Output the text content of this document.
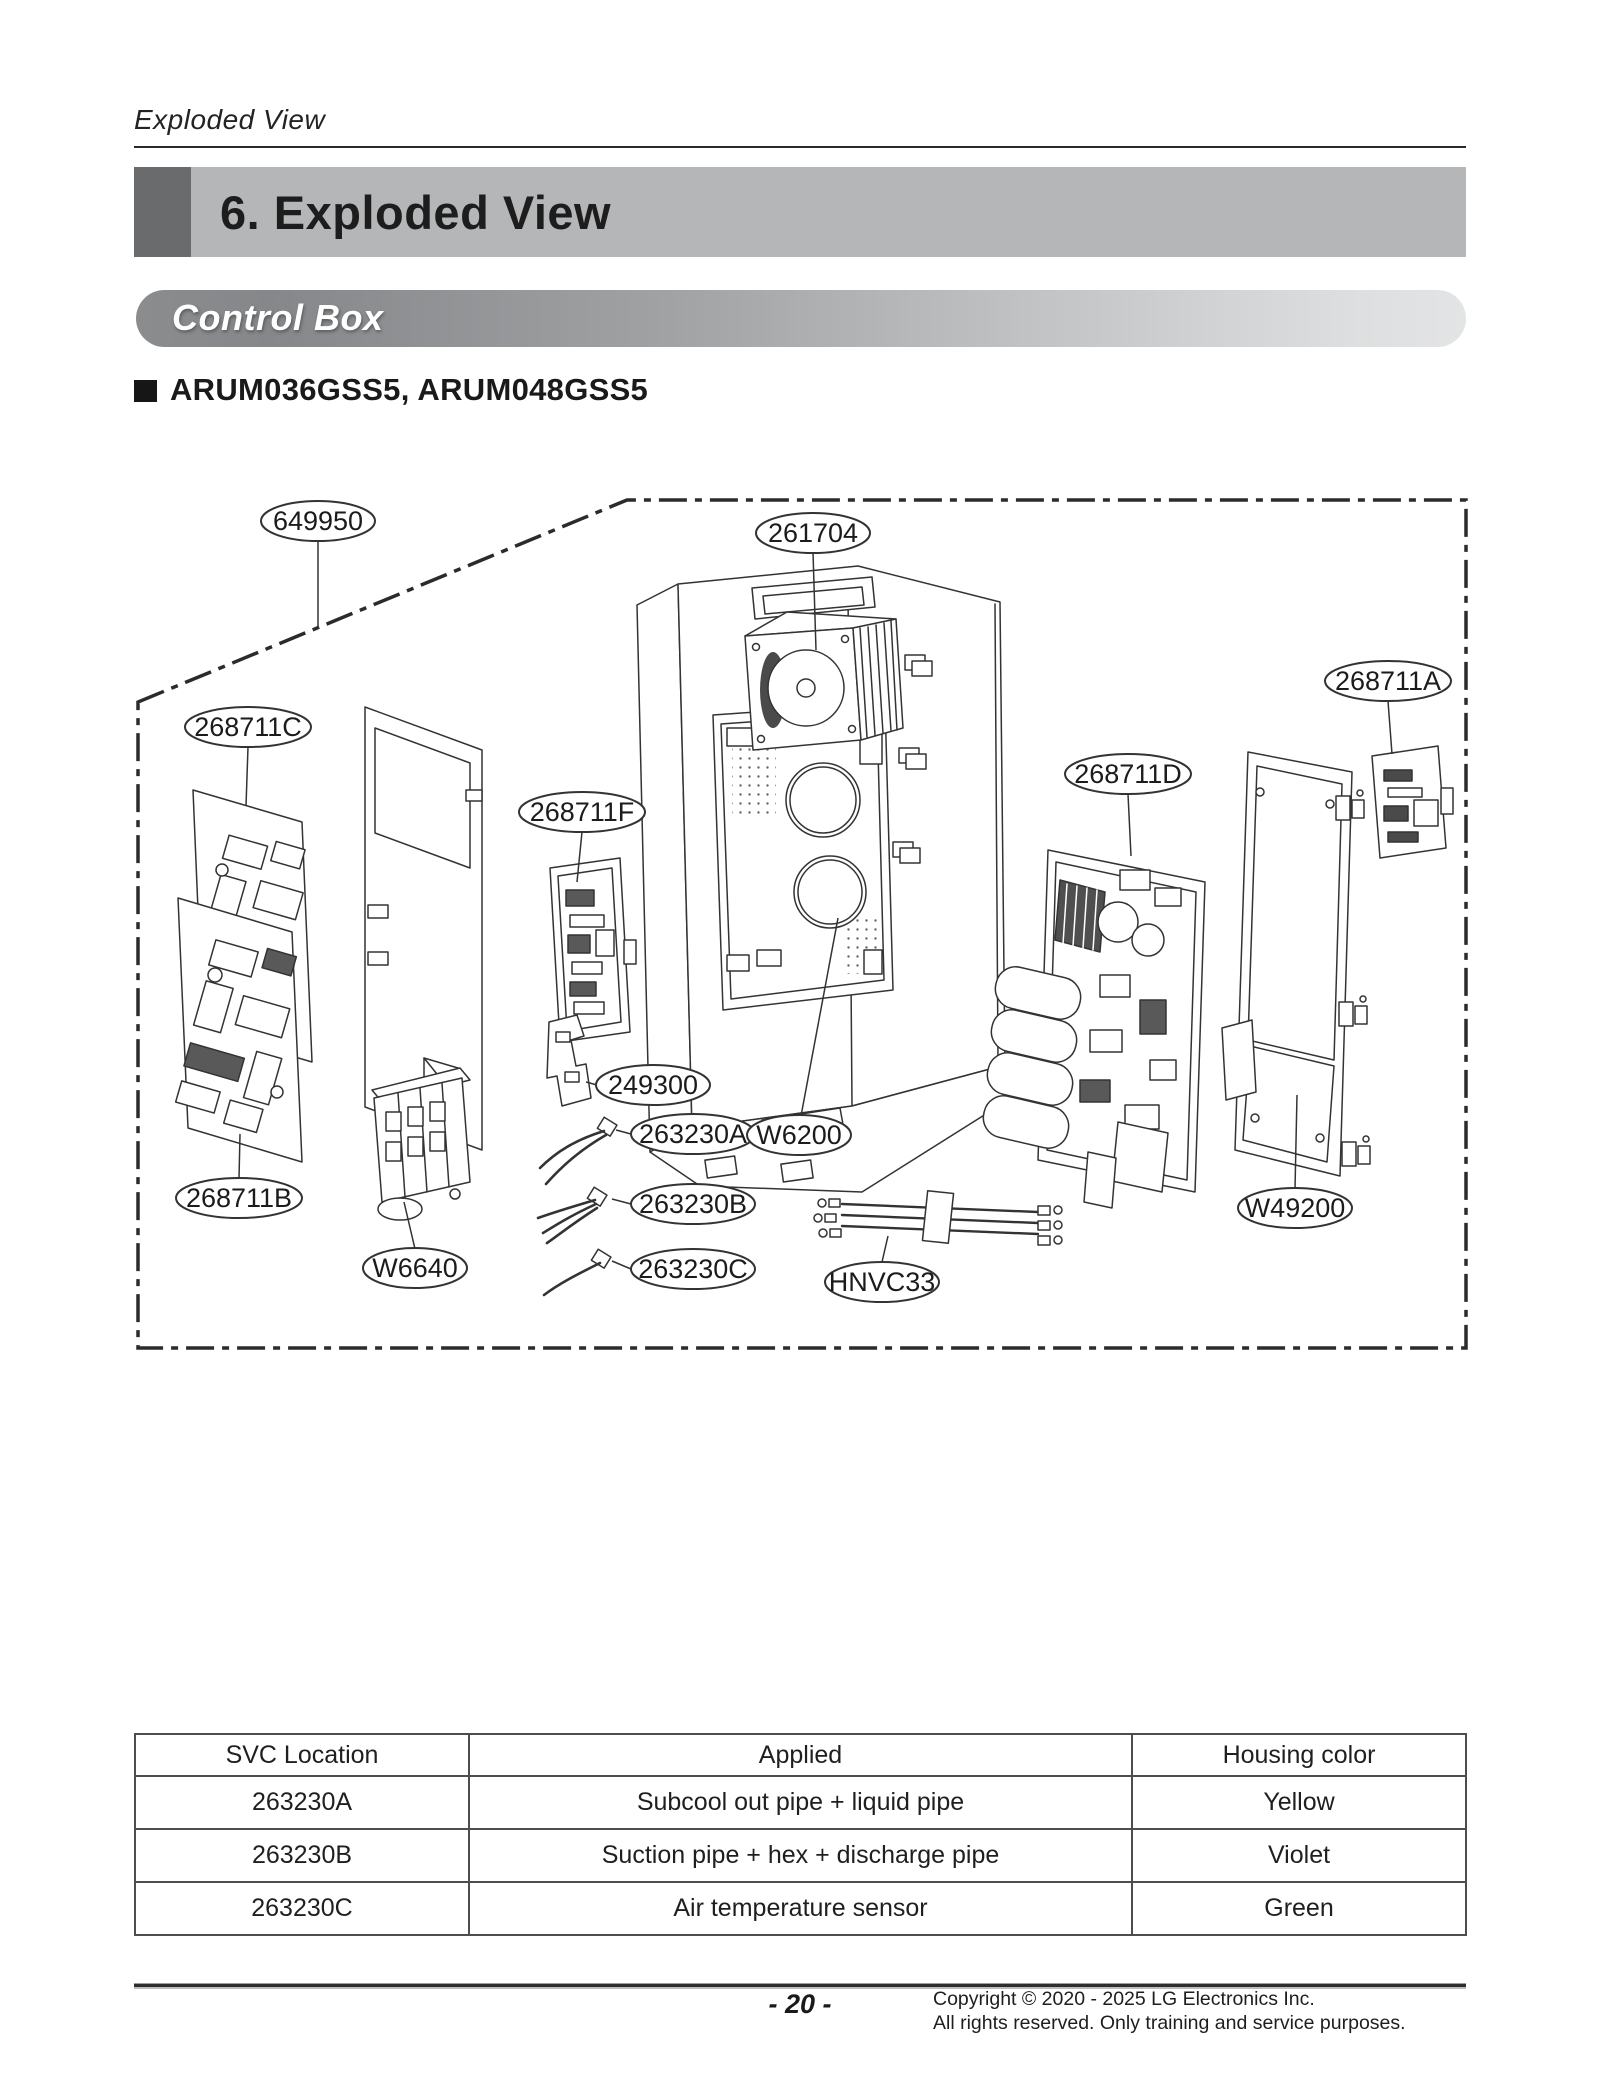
Exploded View
6. Exploded View
Control Box
ARUM036GSS5, ARUM048GSS5
649950	261704
268711A
268711C
268711D
268711F
249300
263230A W6200
263230B
268711B
W6640	263230C	HNVC33
W49200
SVC Location	Applied	Housing color
263230A	Subcool out pipe + liquid pipe	Yellow
263230B	Suction pipe + hex + discharge pipe	Violet
263230C	Air temperature sensor	Green
- 20 -	Copyright © 2020 - 2025 LG Electronics Inc.
All rights reserved. Only training and service purposes.
